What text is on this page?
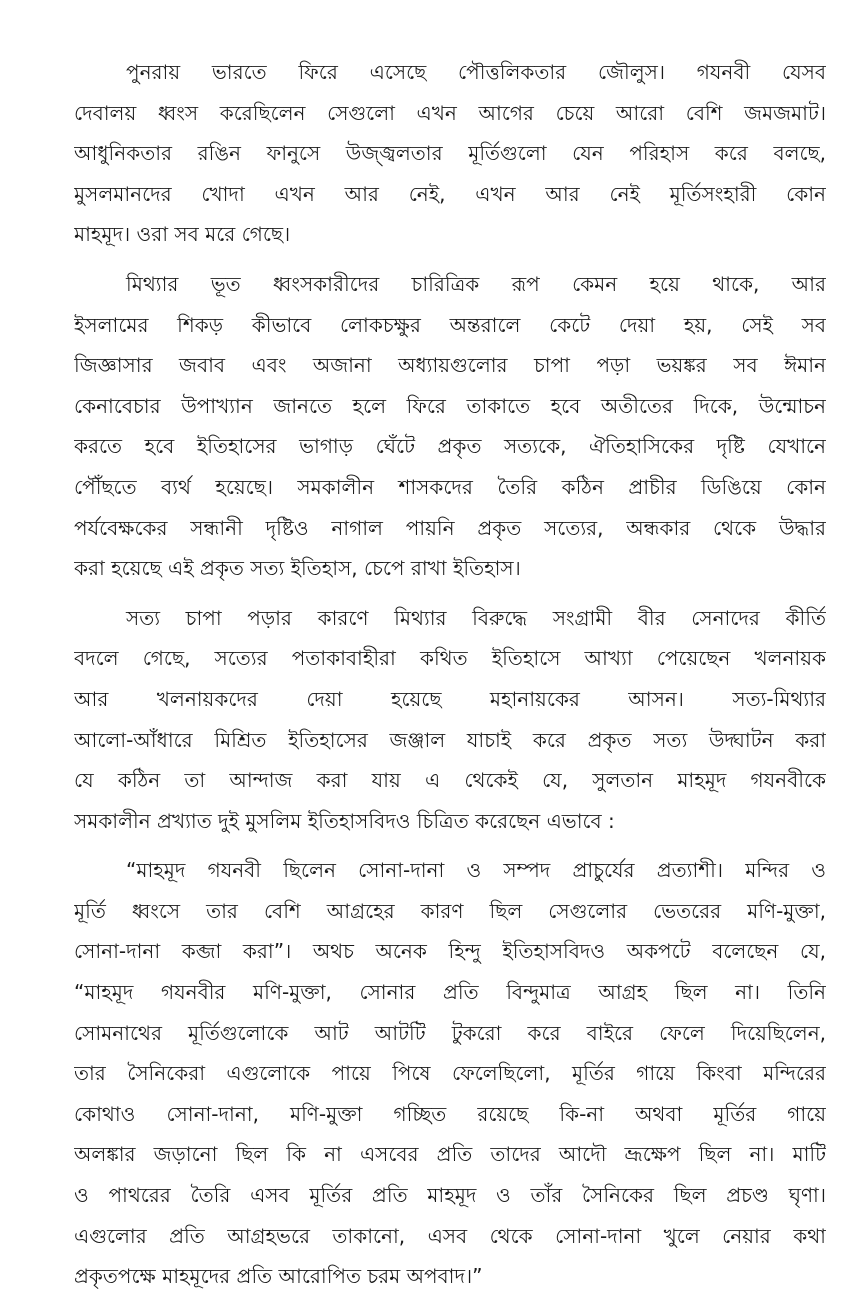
পুনরায় ভারতে ফিরে এসেছে পৌত্তলিকতার জৌলুস। গযনবী যেসব
দেবালয় ধ্বংস করেছিলেন সেগুলো এখন আগের চেয়ে আরো বেশি জমজমাট।
আধুনিকতার রঙিন ফানুসে উজ্জ্বলতার মূর্তিগুলো যেন পরিহাস করে বলছে,
মুসলমানদের খোদা এখন আর নেই, এখন আর নেই মূর্তিসংহারী কোন
মাহমূদ। ওরা সব মরে গেছে।
মিথ্যার ভূত ধ্বংসকারীদের চারিত্রিক রূপ কেমন হয়ে থাকে, আর
ইসলামের শিকড় কীভাবে লোকচক্ষুর অন্তরালে কেটে দেয়া হয়, সেই সব
জিজ্ঞাসার জবাব এবং অজানা অধ্যায়গুলোর চাপা পড়া ভয়ঙ্কর সব ঈমান
কেনাবেচার উপাখ্যান জানতে হলে ফিরে তাকাতে হবে অতীতের দিকে, উন্মোচন
করতে হবে ইতিহাসের ভাগাড় ঘেঁটে প্রকৃত সত্যকে, ঐতিহাসিকের দৃষ্টি যেখানে
পৌঁছতে ব্যর্থ হয়েছে। সমকালীন শাসকদের তৈরি কঠিন প্রাচীর ডিঙিয়ে কোন
পর্যবেক্ষকের সন্ধানী দৃষ্টিও নাগাল পায়নি প্রকৃত সত্যের, অন্ধকার থেকে উদ্ধার
করা হয়েছে এই প্রকৃত সত্য ইতিহাস, চেপে রাখা ইতিহাস।
সত্য চাপা পড়ার কারণে মিথ্যার বিরুদ্ধে সংগ্রামী বীর সেনাদের কীর্তি
বদলে গেছে, সত্যের পতাকাবাহীরা কথিত ইতিহাসে আখ্যা পেয়েছেন খলনায়ক
আর খলনায়কদের দেয়া হয়েছে মহানায়কের আসন। সত্য-মিথ্যার
আলো-আঁধারে মিশ্রিত ইতিহাসের জঞ্জাল যাচাই করে প্রকৃত সত্য উদ্ঘাটন করা
যে কঠিন তা আন্দাজ করা যায় এ থেকেই যে, সুলতান মাহমূদ গযনবীকে
সমকালীন প্রখ্যাত দুই মুসলিম ইতিহাসবিদও চিত্রিত করেছেন এভাবে :
“মাহমূদ গযনবী ছিলেন সোনা-দানা ও সম্পদ প্রাচুর্যের প্রত্যাশী। মন্দির ও
মূর্তি ধ্বংসে তার বেশি আগ্রহের কারণ ছিল সেগুলোর ভেতরের মণি-মুক্তা,
সোনা-দানা কব্জা করা”। অথচ অনেক হিন্দু ইতিহাসবিদও অকপটে বলেছেন যে,
“মাহমূদ গযনবীর মণি-মুক্তা, সোনার প্রতি বিন্দুমাত্র আগ্রহ ছিল না। তিনি
সোমনাথের মূর্তিগুলোকে আট আটটি টুকরো করে বাইরে ফেলে দিয়েছিলেন,
তার সৈনিকেরা এগুলোকে পায়ে পিষে ফেলেছিলো, মূর্তির গায়ে কিংবা মন্দিরের
কোথাও সোনা-দানা, মণি-মুক্তা গচ্ছিত রয়েছে কি-না অথবা মূর্তির গায়ে
অলঙ্কার জড়ানো ছিল কি না এসবের প্রতি তাদের আদৌ ভ্রূক্ষেপ ছিল না। মাটি
ও পাথরের তৈরি এসব মূর্তির প্রতি মাহমূদ ও তাঁর সৈনিকের ছিল প্রচণ্ড ঘৃণা।
এগুলোর প্রতি আগ্রহভরে তাকানো, এসব থেকে সোনা-দানা খুলে নেয়ার কথা
প্রকৃতপক্ষে মাহমূদের প্রতি আরোপিত চরম অপবাদ।”
